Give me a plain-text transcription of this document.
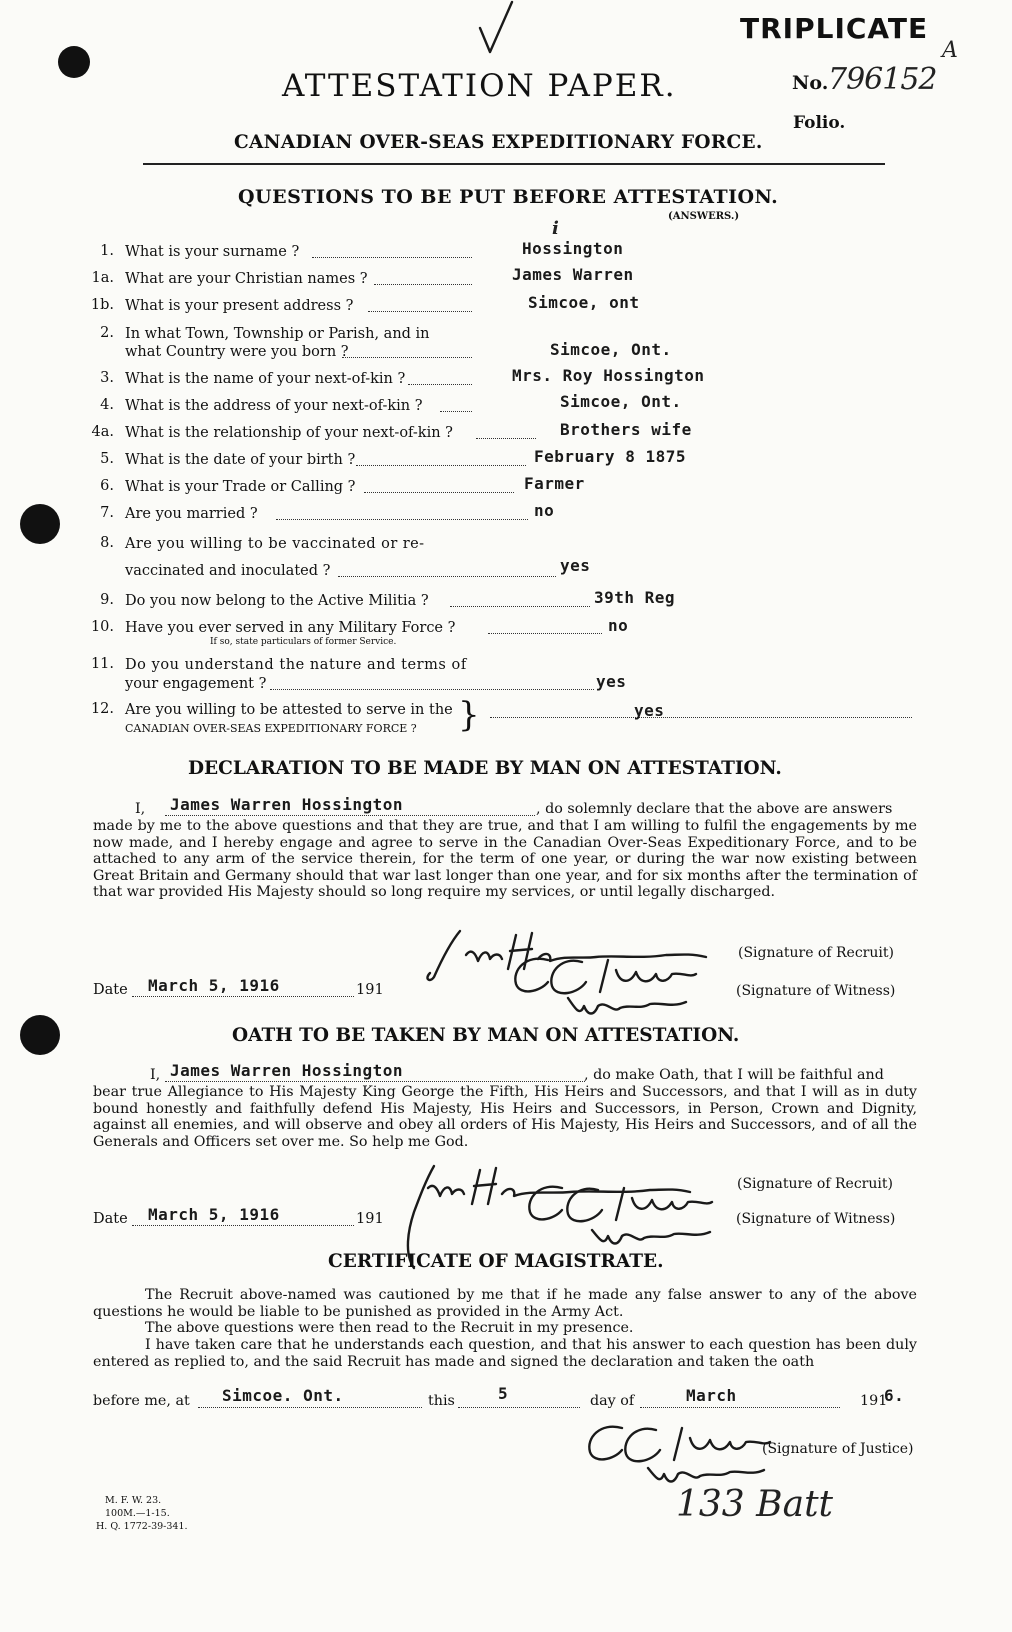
TRIPLICATE
A
No. 796152
Folio.
ATTESTATION PAPER.
CANADIAN OVER-SEAS EXPEDITIONARY FORCE.
QUESTIONS TO BE PUT BEFORE ATTESTATION.
(ANSWERS.)
1. What is your surname ?	Hossington
i
1a. What are your Christian names ?	James Warren
1b. What is your present address ?	Simcoe, ont
2. In what Town, Township or Parish, and in
what Country were you born ?	Simcoe, Ont.
3. What is the name of your next-of-kin ?	Mrs. Roy Hossington
4. What is the address of your next-of-kin ?	Simcoe, Ont.
4a. What is the relationship of your next-of-kin ?	Brothers wife
5. What is the date of your birth ?	February 8 1875
6. What is your Trade or Calling ?	Farmer
7. Are you married ?	no
8. Are you willing to be vaccinated or re-
vaccinated and inoculated ?	yes
9. Do you now belong to the Active Militia ?	39th Reg
10. Have you ever served in any Military Force ?
If so, state particulars of former Service.
no
11. Do you understand the nature and terms of
your engagement ?	yes
12. Are you willing to be attested to serve in the
CANADIAN OVER-SEAS EXPEDITIONARY FORCE ? }	yes
DECLARATION TO BE MADE BY MAN ON ATTESTATION.
I, James Warren Hossington	, do solemnly declare that the above are answers
made by me to the above questions and that they are true, and that I am willing to fulfil the engagements by me now made, and I hereby engage and agree to serve in the Canadian Over-Seas Expeditionary Force, and to be attached to any arm of the service therein, for the term of one year, or during the war now existing between Great Britain and Germany should that war last longer than one year, and for six months after the termination of that war provided His Majesty should so long require my services, or until legally discharged.
(Signature of Recruit)
Date March 5, 1916	191	(Signature of Witness)
OATH TO BE TAKEN BY MAN ON ATTESTATION.
I, James Warren Hossington	, do make Oath, that I will be faithful and
bear true Allegiance to His Majesty King George the Fifth, His Heirs and Successors, and that I will as in duty bound honestly and faithfully defend His Majesty, His Heirs and Successors, in Person, Crown and Dignity, against all enemies, and will observe and obey all orders of His Majesty, His Heirs and Successors, and of all the Generals and Officers set over me. So help me God.
(Signature of Recruit)
Date March 5, 1916	191	(Signature of Witness)
CERTIFICATE OF MAGISTRATE.
The Recruit above-named was cautioned by me that if he made any false answer to any of the above questions he would be liable to be punished as provided in the Army Act.
The above questions were then read to the Recruit in my presence.
I have taken care that he understands each question, and that his answer to each question has been duly entered as replied to, and the said Recruit has made and signed the declaration and taken the oath
before me, at Simcoe. Ont.	this	5	day of	March	191
6.
(Signature of Justice)
133 Batt
M. F. W. 23.
100M.—1-15.
H. Q. 1772-39-341.
